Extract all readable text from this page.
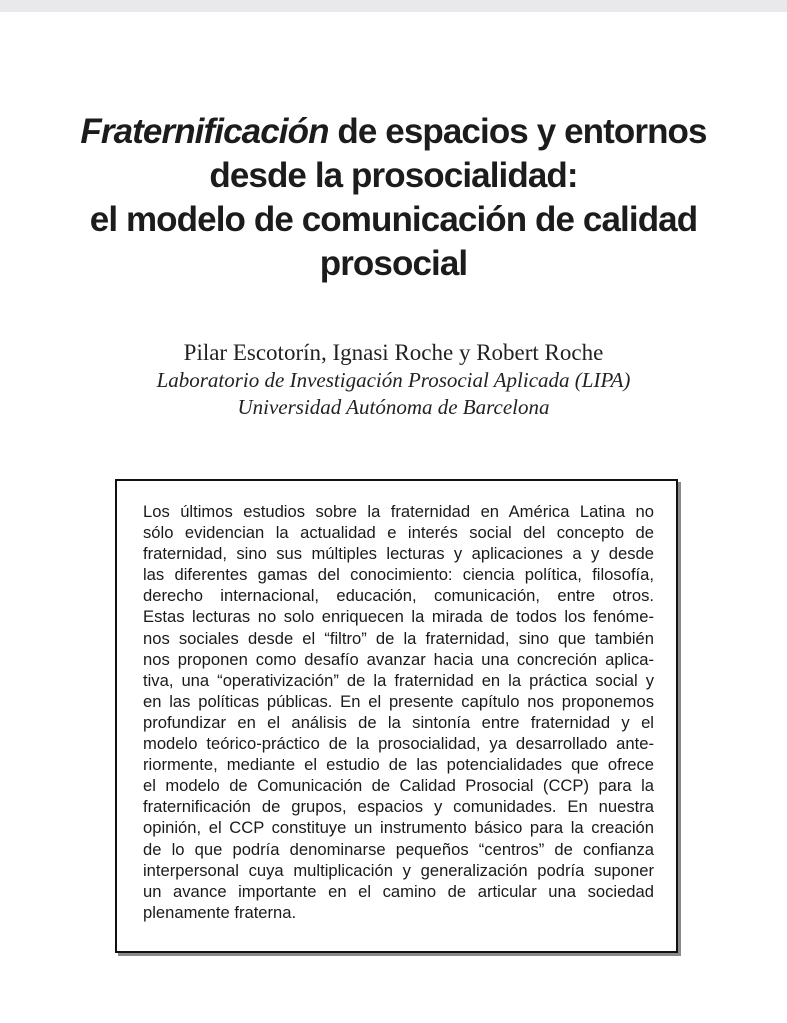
Fraternificación de espacios y entornos
desde la prosocialidad:
el modelo de comunicación de calidad
prosocial
Pilar Escotorín, Ignasi Roche y Robert Roche
Laboratorio de Investigación Prosocial Aplicada (LIPA)
Universidad Autónoma de Barcelona
Los últimos estudios sobre la fraternidad en América Latina no
sólo evidencian la actualidad e interés social del concepto de
fraternidad, sino sus múltiples lecturas y aplicaciones a y desde
las diferentes gamas del conocimiento: ciencia política, filosofía,
derecho internacional, educación, comunicación, entre otros.
Estas lecturas no solo enriquecen la mirada de todos los fenóme-
nos sociales desde el “filtro” de la fraternidad, sino que también
nos proponen como desafío avanzar hacia una concreción aplica-
tiva, una “operativización” de la fraternidad en la práctica social y
en las políticas públicas. En el presente capítulo nos proponemos
profundizar en el análisis de la sintonía entre fraternidad y el
modelo teórico-práctico de la prosocialidad, ya desarrollado ante-
riormente, mediante el estudio de las potencialidades que ofrece
el modelo de Comunicación de Calidad Prosocial (CCP) para la
fraternificación de grupos, espacios y comunidades. En nuestra
opinión, el CCP constituye un instrumento básico para la creación
de lo que podría denominarse pequeños “centros” de confianza
interpersonal cuya multiplicación y generalización podría suponer
un avance importante en el camino de articular una sociedad
plenamente fraterna.
